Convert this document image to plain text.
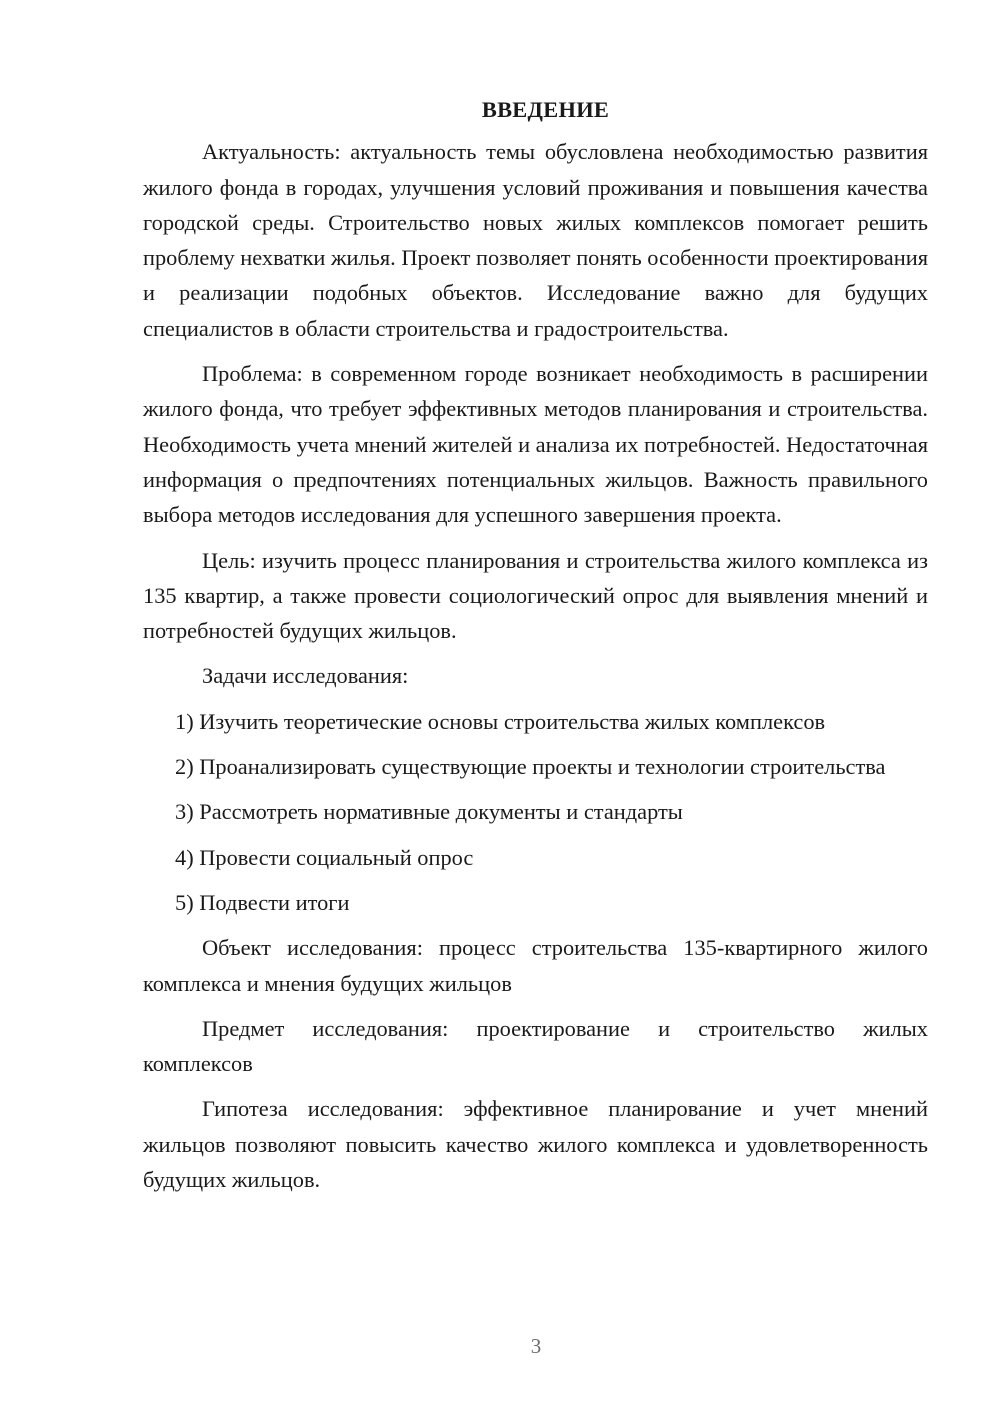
ВВЕДЕНИЕ

Актуальность: актуальность темы обусловлена необходимостью развития жилого фонда в городах, улучшения условий проживания и повышения качества городской среды. Строительство новых жилых комплексов помогает решить проблему нехватки жилья. Проект позволяет понять особенности проектирования и реализации подобных объектов. Исследование важно для будущих специалистов в области строительства и градостроительства.

Проблема: в современном городе возникает необходимость в расширении жилого фонда, что требует эффективных методов планирования и строительства. Необходимость учета мнений жителей и анализа их потребностей. Недостаточная информация о предпочтениях потенциальных жильцов. Важность правильного выбора методов исследования для успешного завершения проекта.

Цель: изучить процесс планирования и строительства жилого комплекса из 135 квартир, а также провести социологический опрос для выявления мнений и потребностей будущих жильцов.

Задачи исследования:

1) Изучить теоретические основы строительства жилых комплексов
2) Проанализировать существующие проекты и технологии строительства
3) Рассмотреть нормативные документы и стандарты
4) Провести социальный опрос
5) Подвести итоги

Объект исследования: процесс строительства 135-квартирного жилого комплекса и мнения будущих жильцов

Предмет исследования: проектирование и строительство жилых комплексов

Гипотеза исследования: эффективное планирование и учет мнений жильцов позволяют повысить качество жилого комплекса и удовлетворенность будущих жильцов.

3
